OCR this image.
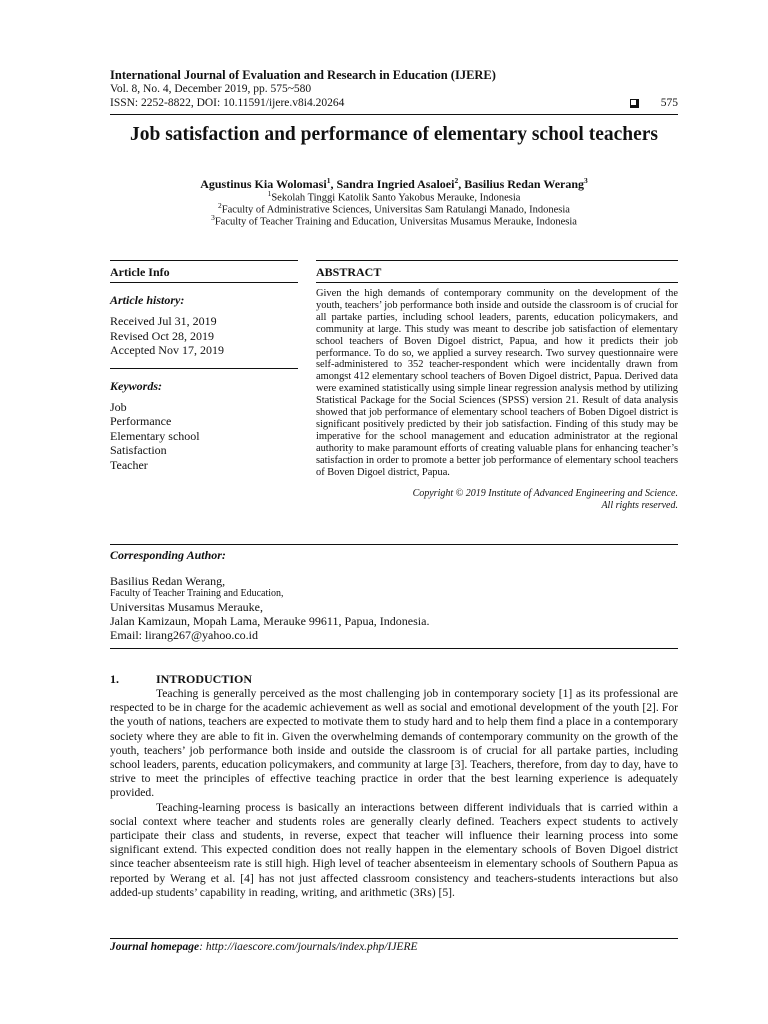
International Journal of Evaluation and Research in Education (IJERE)
Vol. 8, No. 4, December 2019, pp. 575~580
ISSN: 2252-8822, DOI: 10.11591/ijere.v8i4.20264	575
Job satisfaction and performance of elementary school teachers
Agustinus Kia Wolomasi$^1$, Sandra Ingried Asaloei$^2$, Basilius Redan Werang$^3$
$^1$Sekolah Tinggi Katolik Santo Yakobus Merauke, Indonesia
$^2$Faculty of Administrative Sciences, Universitas Sam Ratulangi Manado, Indonesia
$^3$Faculty of Teacher Training and Education, Universitas Musamus Merauke, Indonesia
Article Info
Article history:
Received Jul 31, 2019
Revised Oct 28, 2019
Accepted Nov 17, 2019
Keywords:
Job
Performance
Elementary school
Satisfaction
Teacher
ABSTRACT
Given the high demands of contemporary community on the development of the youth, teachers’ job performance both inside and outside the classroom is of crucial for all partake parties, including school leaders, parents, education policymakers, and community at large. This study was meant to describe job satisfaction of elementary school teachers of Boven Digoel district, Papua, and how it predicts their job performance. To do so, we applied a survey research. Two survey questionnaire were self-administered to 352 teacher-respondent which were incidentally drawn from amongst 412 elementary school teachers of Boven Digoel district, Papua. Derived data were examined statistically using simple linear regression analysis method by utilizing Statistical Package for the Social Sciences (SPSS) version 21. Result of data analysis showed that job performance of elementary school teachers of Boben Digoel district is significant positively predicted by their job satisfaction. Finding of this study may be imperative for the school management and education administrator at the regional authority to make paramount efforts of creating valuable plans for enhancing teacher’s satisfaction in order to promote a better job performance of elementary school teachers of Boven Digoel district, Papua.
Copyright © 2019 Institute of Advanced Engineering and Science.
All rights reserved.
Corresponding Author:
Basilius Redan Werang,
Faculty of Teacher Training and Education,
Universitas Musamus Merauke,
Jalan Kamizaun, Mopah Lama, Merauke 99611, Papua, Indonesia.
Email: lirang267@yahoo.co.id
1.	INTRODUCTION

Teaching is generally perceived as the most challenging job in contemporary society [1] as its professional are respected to be in charge for the academic achievement as well as social and emotional development of the youth [2]. For the youth of nations, teachers are expected to motivate them to study hard and to help them find a place in a contemporary society where they are able to fit in. Given the overwhelming demands of contemporary community on the growth of the youth, teachers’ job performance both inside and outside the classroom is of crucial for all partake parties, including school leaders, parents, education policymakers, and community at large [3]. Teachers, therefore, from day to day, have to strive to meet the principles of effective teaching practice in order that the best learning experience is adequately provided.

Teaching-learning process is basically an interactions between different individuals that is carried within a social context where teacher and students roles are generally clearly defined. Teachers expect students to actively participate their class and students, in reverse, expect that teacher will influence their learning process into some significant extend. This expected condition does not really happen in the elementary schools of Boven Digoel district since teacher absenteeism rate is still high. High level of teacher absenteeism in elementary schools of Southern Papua as reported by Werang et al. [4] has not just affected classroom consistency and teachers-students interactions but also added-up students’ capability in reading, writing, and arithmetic (3Rs) [5].

Journal homepage: http://iaescore.com/journals/index.php/IJERE
